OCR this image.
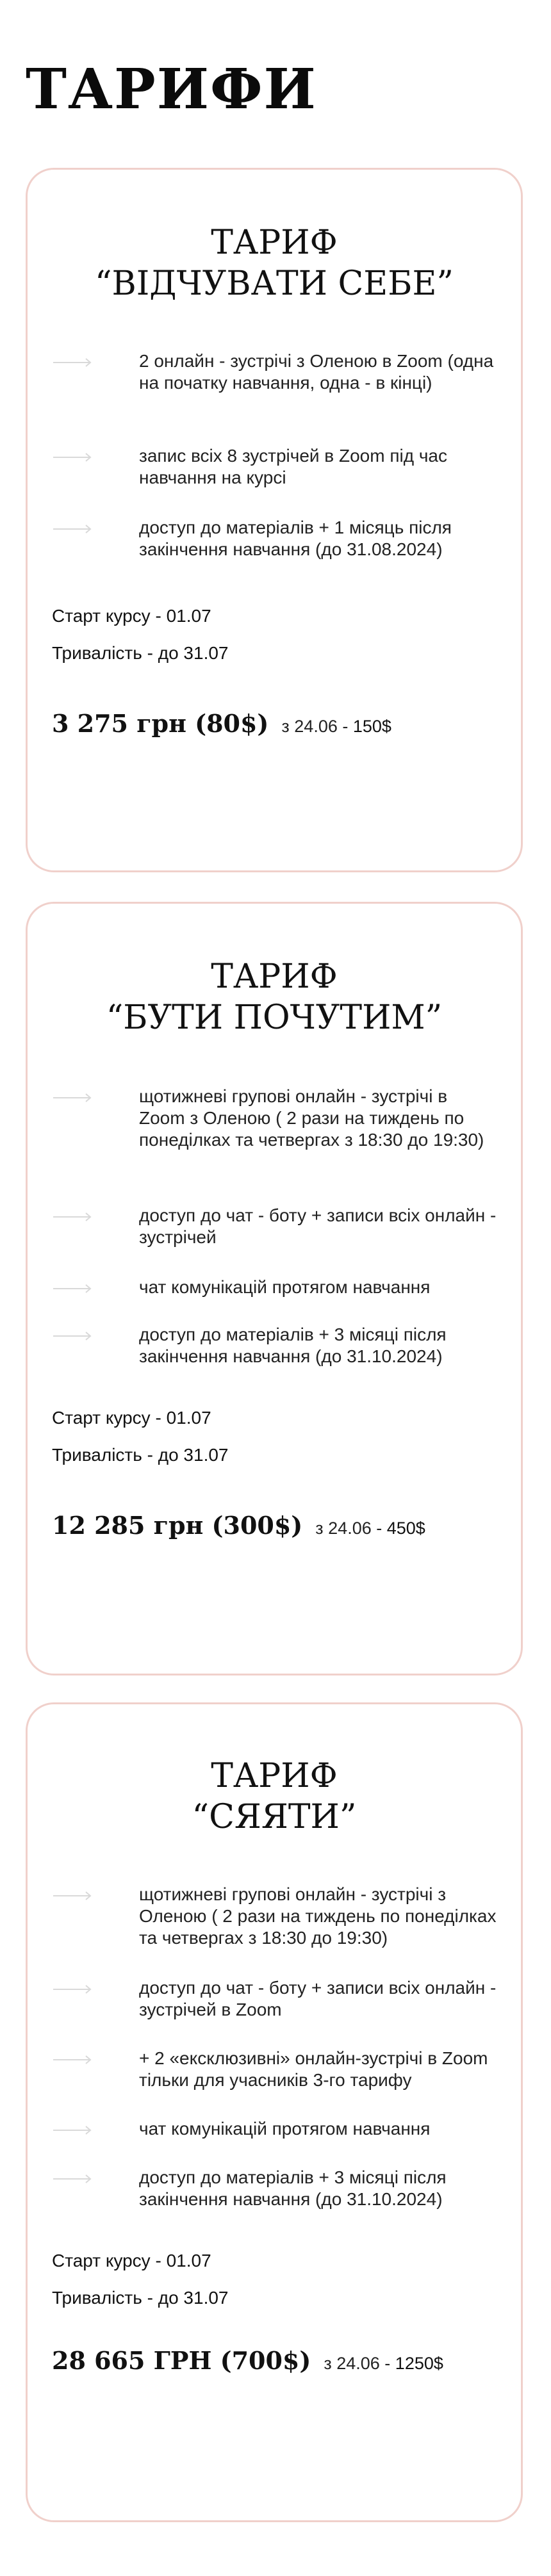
ТАРИФИ
ТАРИФ
“ВІДЧУВАТИ СЕБЕ”
2 онлайн - зустрічі з Оленою в Zoom (одна на початку навчання, одна - в кінці)
запис всіх 8 зустрічей в Zoom під час навчання на курсі
доступ до матеріалів + 1 місяць після закінчення навчання (до 31.08.2024)
Старт курсу - 01.07
Тривалість - до 31.07
3 275 грн (80$) з 24.06 - 150$
ТАРИФ
“БУТИ ПОЧУТИМ”
щотижневі групові онлайн - зустрічі в Zoom з Оленою ( 2 рази на тиждень по понеділках та четвергах з 18:30 до 19:30)
доступ до чат - боту + записи всіх онлайн - зустрічей
чат комунікацій протягом навчання
доступ до матеріалів + 3 місяці після закінчення навчання (до 31.10.2024)
Старт курсу - 01.07
Тривалість - до 31.07
12 285 грн (300$) з 24.06 - 450$
ТАРИФ
“СЯЯТИ”
щотижневі групові онлайн - зустрічі з Оленою ( 2 рази на тиждень по понеділках та четвергах з 18:30 до 19:30)
доступ до чат - боту + записи всіх онлайн - зустрічей в Zoom
+ 2 «ексклюзивні» онлайн-зустрічі в Zoom тільки для учасників 3-го тарифу
чат комунікацій протягом навчання
доступ до матеріалів + 3 місяці після закінчення навчання (до 31.10.2024)
Старт курсу - 01.07
Тривалість - до 31.07
28 665 ГРН (700$) з 24.06 - 1250$
